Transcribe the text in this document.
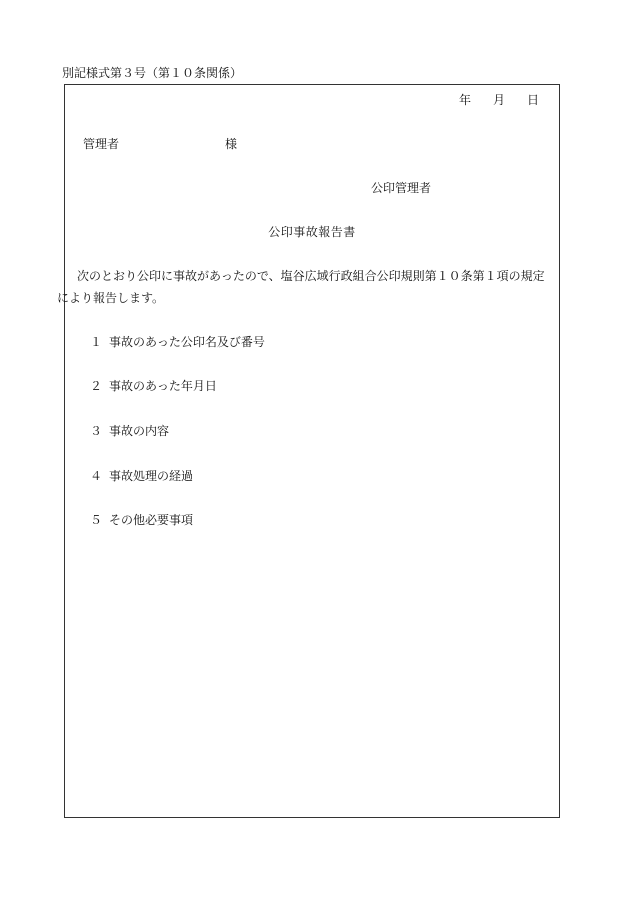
別記様式第３号（第１０条関係）
年 月 日
管理者	様
公印管理者
公印事故報告書
次のとおり公印に事故があったので、塩谷広域行政組合公印規則第１０条第１項の規定により報告します。
１ 事故のあった公印名及び番号
２ 事故のあった年月日
３ 事故の内容
４ 事故処理の経過
５ その他必要事項
